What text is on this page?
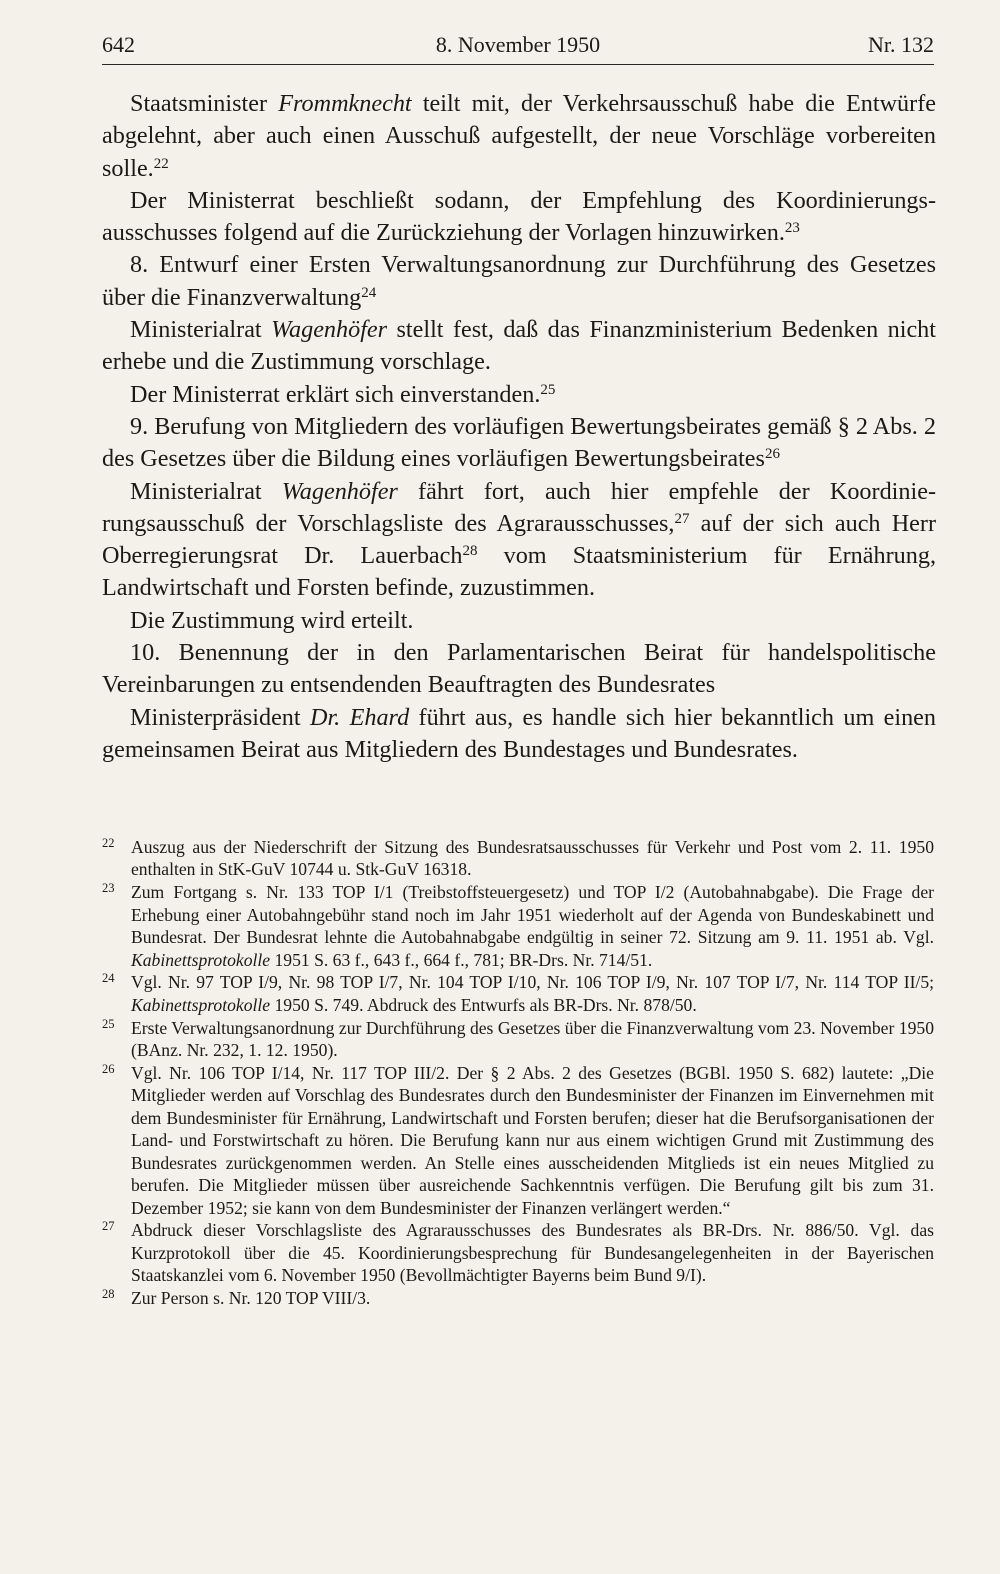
642	8. November 1950	Nr. 132

Staatsminister Frommknecht teilt mit, der Verkehrsausschuß habe die Entwürfe abgelehnt, aber auch einen Ausschuß aufgestellt, der neue Vorschläge vorbereiten solle.$^{22}$

Der Ministerrat beschließt sodann, der Empfehlung des Koordinierungsausschusses folgend auf die Zurückziehung der Vorlagen hinzuwirken.$^{23}$

8. Entwurf einer Ersten Verwaltungsanordnung zur Durchführung des Gesetzes über die Finanzverwaltung$^{24}$

Ministerialrat Wagenhöfer stellt fest, daß das Finanzministerium Bedenken nicht erhebe und die Zustimmung vorschlage.

Der Ministerrat erklärt sich einverstanden.$^{25}$

9. Berufung von Mitgliedern des vorläufigen Bewertungsbeirates gemäß § 2 Abs. 2 des Gesetzes über die Bildung eines vorläufigen Bewertungsbeirates$^{26}$

Ministerialrat Wagenhöfer fährt fort, auch hier empfehle der Koordinierungsausschuß der Vorschlagsliste des Agrarausschusses,$^{27}$ auf der sich auch Herr Oberregierungsrat Dr. Lauerbach$^{28}$ vom Staatsministerium für Ernährung, Landwirtschaft und Forsten befinde, zuzustimmen.

Die Zustimmung wird erteilt.

10. Benennung der in den Parlamentarischen Beirat für handelspolitische Vereinbarungen zu entsendenden Beauftragten des Bundesrates

Ministerpräsident Dr. Ehard führt aus, es handle sich hier bekanntlich um einen gemeinsamen Beirat aus Mitgliedern des Bundestages und Bundesrates.

22 Auszug aus der Niederschrift der Sitzung des Bundesratsausschusses für Verkehr und Post vom 2. 11. 1950 enthalten in StK-GuV 10744 u. Stk-GuV 16318.
23 Zum Fortgang s. Nr. 133 TOP I/1 (Treibstoffsteuergesetz) und TOP I/2 (Autobahnabgabe). Die Frage der Erhebung einer Autobahngebühr stand noch im Jahr 1951 wiederholt auf der Agenda von Bundeskabinett und Bundesrat. Der Bundesrat lehnte die Autobahnabgabe endgültig in seiner 72. Sitzung am 9. 11. 1951 ab. Vgl. Kabinettsprotokolle 1951 S. 63 f., 643 f., 664 f., 781; BR-Drs. Nr. 714/51.
24 Vgl. Nr. 97 TOP I/9, Nr. 98 TOP I/7, Nr. 104 TOP I/10, Nr. 106 TOP I/9, Nr. 107 TOP I/7, Nr. 114 TOP II/5; Kabinettsprotokolle 1950 S. 749. Abdruck des Entwurfs als BR-Drs. Nr. 878/50.
25 Erste Verwaltungsanordnung zur Durchführung des Gesetzes über die Finanzverwaltung vom 23. November 1950 (BAnz. Nr. 232, 1. 12. 1950).
26 Vgl. Nr. 106 TOP I/14, Nr. 117 TOP III/2. Der § 2 Abs. 2 des Gesetzes (BGBl. 1950 S. 682) lautete: „Die Mitglieder werden auf Vorschlag des Bundesrates durch den Bundesminister der Finanzen im Einvernehmen mit dem Bundesminister für Ernährung, Landwirtschaft und Forsten berufen; dieser hat die Berufsorganisationen der Land- und Forstwirtschaft zu hören. Die Berufung kann nur aus einem wichtigen Grund mit Zustimmung des Bundesrates zurückgenommen werden. An Stelle eines ausscheidenden Mitglieds ist ein neues Mitglied zu berufen. Die Mitglieder müssen über ausreichende Sachkenntnis verfügen. Die Berufung gilt bis zum 31. Dezember 1952; sie kann von dem Bundesminister der Finanzen verlängert werden.“
27 Abdruck dieser Vorschlagsliste des Agrarausschusses des Bundesrates als BR-Drs. Nr. 886/50. Vgl. das Kurzprotokoll über die 45. Koordinierungsbesprechung für Bundesangelegenheiten in der Bayerischen Staatskanzlei vom 6. November 1950 (Bevollmächtigter Bayerns beim Bund 9/I).
28 Zur Person s. Nr. 120 TOP VIII/3.
